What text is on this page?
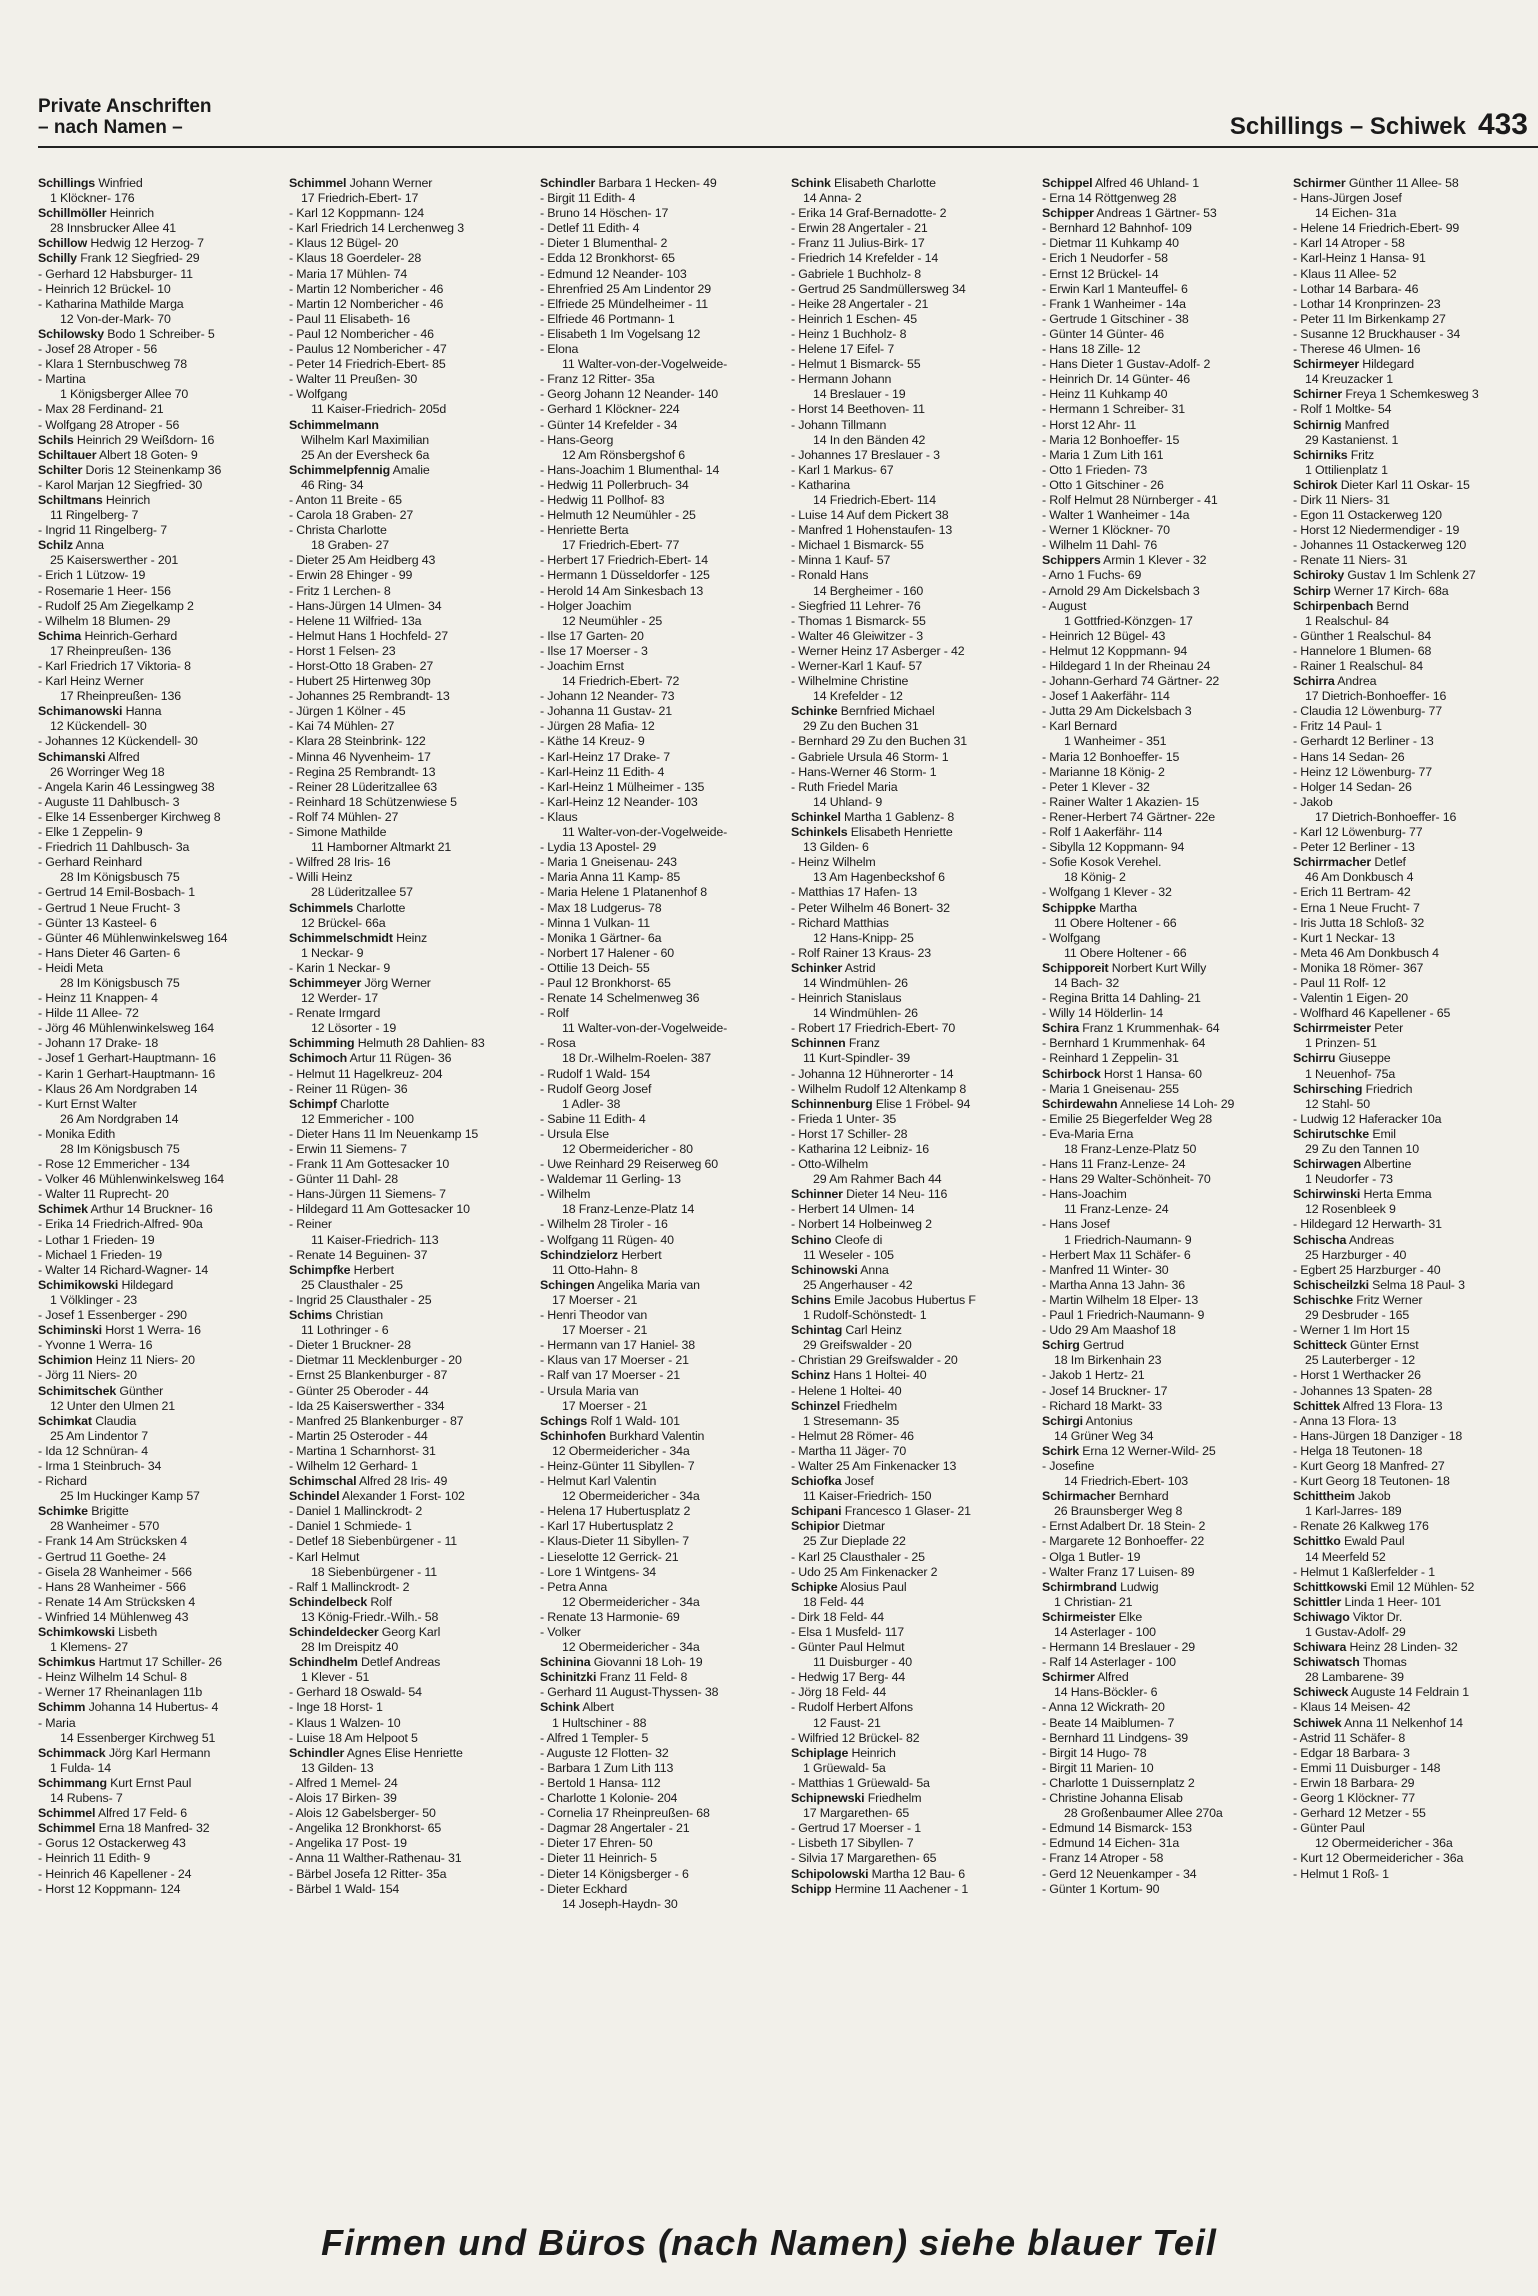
Private Anschriften
– nach Namen –	Schillings – Schiwek 433
Schillings Winfried
1 Klöckner- 176
Schillmöller Heinrich
28 Innsbrucker Allee 41
Schillow Hedwig 12 Herzog- 7
Schilly Frank 12 Siegfried- 29
- Gerhard 12 Habsburger- 11
- Heinrich 12 Brückel- 10
- Katharina Mathilde Marga
12 Von-der-Mark- 70
Schilowsky Bodo 1 Schreiber- 5
- Josef 28 Atroper - 56
- Klara 1 Sternbuschweg 78
- Martina
1 Königsberger Allee 70
- Max 28 Ferdinand- 21
- Wolfgang 28 Atroper - 56
Schils Heinrich 29 Weißdorn- 16
Schiltauer Albert 18 Goten- 9
Schilter Doris 12 Steinenkamp 36
- Karol Marjan 12 Siegfried- 30
Schiltmans Heinrich
11 Ringelberg- 7
- Ingrid 11 Ringelberg- 7
Schilz Anna
25 Kaiserswerther - 201
- Erich 1 Lützow- 19
- Rosemarie 1 Heer- 156
- Rudolf 25 Am Ziegelkamp 2
- Wilhelm 18 Blumen- 29
Schima Heinrich-Gerhard
17 Rheinpreußen- 136
- Karl Friedrich 17 Viktoria- 8
- Karl Heinz Werner
17 Rheinpreußen- 136
Schimanowski Hanna
12 Kückendell- 30
- Johannes 12 Kückendell- 30
Schimanski Alfred
26 Worringer Weg 18
- Angela Karin 46 Lessingweg 38
- Auguste 11 Dahlbusch- 3
- Elke 14 Essenberger Kirchweg 8
- Elke 1 Zeppelin- 9
- Friedrich 11 Dahlbusch- 3a
- Gerhard Reinhard
28 Im Königsbusch 75
- Gertrud 14 Emil-Bosbach- 1
- Gertrud 1 Neue Frucht- 3
- Günter 13 Kasteel- 6
- Günter 46 Mühlenwinkelsweg 164
- Hans Dieter 46 Garten- 6
- Heidi Meta
28 Im Königsbusch 75
- Heinz 11 Knappen- 4
- Hilde 11 Allee- 72
- Jörg 46 Mühlenwinkelsweg 164
- Johann 17 Drake- 18
- Josef 1 Gerhart-Hauptmann- 16
- Karin 1 Gerhart-Hauptmann- 16
- Klaus 26 Am Nordgraben 14
- Kurt Ernst Walter
26 Am Nordgraben 14
- Monika Edith
28 Im Königsbusch 75
- Rose 12 Emmericher - 134
- Volker 46 Mühlenwinkelsweg 164
- Walter 11 Ruprecht- 20
Schimek Arthur 14 Bruckner- 16
- Erika 14 Friedrich-Alfred- 90a
- Lothar 1 Frieden- 19
- Michael 1 Frieden- 19
- Walter 14 Richard-Wagner- 14
Schimikowski Hildegard
1 Völklinger - 23
- Josef 1 Essenberger - 290
Schiminski Horst 1 Werra- 16
- Yvonne 1 Werra- 16
Schimion Heinz 11 Niers- 20
- Jörg 11 Niers- 20
Schimitschek Günther
12 Unter den Ulmen 21
Schimkat Claudia
25 Am Lindentor 7
- Ida 12 Schnüran- 4
- Irma 1 Steinbruch- 34
- Richard
25 Im Huckinger Kamp 57
Schimke Brigitte
28 Wanheimer - 570
- Frank 14 Am Strücksken 4
- Gertrud 11 Goethe- 24
- Gisela 28 Wanheimer - 566
- Hans 28 Wanheimer - 566
- Renate 14 Am Strücksken 4
- Winfried 14 Mühlenweg 43
Schimkowski Lisbeth
1 Klemens- 27
Schimkus Hartmut 17 Schiller- 26
- Heinz Wilhelm 14 Schul- 8
- Werner 17 Rheinanlagen 11b
Schimm Johanna 14 Hubertus- 4
- Maria
14 Essenberger Kirchweg 51
Schimmack Jörg Karl Hermann
1 Fulda- 14
Schimmang Kurt Ernst Paul
14 Rubens- 7
Schimmel Alfred 17 Feld- 6
Schimmel Erna 18 Manfred- 32
- Gorus 12 Ostackerweg 43
- Heinrich 11 Edith- 9
- Heinrich 46 Kapellener - 24
- Horst 12 Koppmann- 124
Schimmel Johann Werner
17 Friedrich-Ebert- 17
- Karl 12 Koppmann- 124
- Karl Friedrich 14 Lerchenweg 3
- Klaus 12 Bügel- 20
- Klaus 18 Goerdeler- 28
- Maria 17 Mühlen- 74
- Martin 12 Nombericher - 46
- Martin 12 Nombericher - 46
- Paul 11 Elisabeth- 16
- Paul 12 Nombericher - 46
- Paulus 12 Nombericher - 47
- Peter 14 Friedrich-Ebert- 85
- Walter 11 Preußen- 30
- Wolfgang
11 Kaiser-Friedrich- 205d
Schimmelmann
Wilhelm Karl Maximilian
25 An der Eversheck 6a
Schimmelpfennig Amalie
46 Ring- 34
- Anton 11 Breite - 65
- Carola 18 Graben- 27
- Christa Charlotte
18 Graben- 27
- Dieter 25 Am Heidberg 43
- Erwin 28 Ehinger - 99
- Fritz 1 Lerchen- 8
- Hans-Jürgen 14 Ulmen- 34
- Helene 11 Wilfried- 13a
- Helmut Hans 1 Hochfeld- 27
- Horst 1 Felsen- 23
- Horst-Otto 18 Graben- 27
- Hubert 25 Hirtenweg 30p
- Johannes 25 Rembrandt- 13
- Jürgen 1 Kölner - 45
- Kai 74 Mühlen- 27
- Klara 28 Steinbrink- 122
- Minna 46 Nyvenheim- 17
- Regina 25 Rembrandt- 13
- Reiner 28 Lüderitzallee 63
- Reinhard 18 Schützenwiese 5
- Rolf 74 Mühlen- 27
- Simone Mathilde
11 Hamborner Altmarkt 21
- Wilfred 28 Iris- 16
- Willi Heinz
28 Lüderitzallee 57
Schimmels Charlotte
12 Brückel- 66a
Schimmelschmidt Heinz
1 Neckar- 9
- Karin 1 Neckar- 9
Schimmeyer Jörg Werner
12 Werder- 17
- Renate Irmgard
12 Lösorter - 19
Schimming Helmuth 28 Dahlien- 83
Schimoch Artur 11 Rügen- 36
- Helmut 11 Hagelkreuz- 204
- Reiner 11 Rügen- 36
Schimpf Charlotte
12 Emmericher - 100
- Dieter Hans 11 Im Neuenkamp 15
- Erwin 11 Siemens- 7
- Frank 11 Am Gottesacker 10
- Günter 11 Dahl- 28
- Hans-Jürgen 11 Siemens- 7
- Hildegard 11 Am Gottesacker 10
- Reiner
11 Kaiser-Friedrich- 113
- Renate 14 Beguinen- 37
Schimpfke Herbert
25 Clausthaler - 25
- Ingrid 25 Clausthaler - 25
Schims Christian
11 Lothringer - 6
- Dieter 1 Bruckner- 28
- Dietmar 11 Mecklenburger - 20
- Ernst 25 Blankenburger - 87
- Günter 25 Oberoder - 44
- Ida 25 Kaiserswerther - 334
- Manfred 25 Blankenburger - 87
- Martin 25 Osteroder - 44
- Martina 1 Scharnhorst- 31
- Wilhelm 12 Gerhard- 1
Schimschal Alfred 28 Iris- 49
Schindel Alexander 1 Forst- 102
- Daniel 1 Mallinckrodt- 2
- Daniel 1 Schmiede- 1
- Detlef 18 Siebenbürgener - 11
- Karl Helmut
18 Siebenbürgener - 11
- Ralf 1 Mallinckrodt- 2
Schindelbeck Rolf
13 König-Friedr.-Wilh.- 58
Schindeldecker Georg Karl
28 Im Dreispitz 40
Schindhelm Detlef Andreas
1 Klever - 51
- Gerhard 18 Oswald- 54
- Inge 18 Horst- 1
- Klaus 1 Walzen- 10
- Luise 18 Am Helpoot 5
Schindler Agnes Elise Henriette
13 Gilden- 13
- Alfred 1 Memel- 24
- Alois 17 Birken- 39
- Alois 12 Gabelsberger- 50
- Angelika 12 Bronkhorst- 65
- Angelika 17 Post- 19
- Anna 11 Walther-Rathenau- 31
- Bärbel Josefa 12 Ritter- 35a
- Bärbel 1 Wald- 154
Schindler Barbara 1 Hecken- 49
- Birgit 11 Edith- 4
- Bruno 14 Höschen- 17
- Detlef 11 Edith- 4
- Dieter 1 Blumenthal- 2
- Edda 12 Bronkhorst- 65
- Edmund 12 Neander- 103
- Ehrenfried 25 Am Lindentor 29
- Elfriede 25 Mündelheimer - 11
- Elfriede 46 Portmann- 1
- Elisabeth 1 Im Vogelsang 12
- Elona
11 Walter-von-der-Vogelweide-
- Franz 12 Ritter- 35a
- Georg Johann 12 Neander- 140
- Gerhard 1 Klöckner- 224
- Günter 14 Krefelder - 34
- Hans-Georg
12 Am Rönsbergshof 6
- Hans-Joachim 1 Blumenthal- 14
- Hedwig 11 Pollerbruch- 34
- Hedwig 11 Pollhof- 83
- Helmuth 12 Neumühler - 25
- Henriette Berta
17 Friedrich-Ebert- 77
- Herbert 17 Friedrich-Ebert- 14
- Hermann 1 Düsseldorfer - 125
- Herold 14 Am Sinkesbach 13
- Holger Joachim
12 Neumühler - 25
- Ilse 17 Garten- 20
- Ilse 17 Moerser - 3
- Joachim Ernst
14 Friedrich-Ebert- 72
- Johann 12 Neander- 73
- Johanna 11 Gustav- 21
- Jürgen 28 Mafia- 12
- Käthe 14 Kreuz- 9
- Karl-Heinz 17 Drake- 7
- Karl-Heinz 11 Edith- 4
- Karl-Heinz 1 Mülheimer - 135
- Karl-Heinz 12 Neander- 103
- Klaus
11 Walter-von-der-Vogelweide-
- Lydia 13 Apostel- 29
- Maria 1 Gneisenau- 243
- Maria Anna 11 Kamp- 85
- Maria Helene 1 Platanenhof 8
- Max 18 Ludgerus- 78
- Minna 1 Vulkan- 11
- Monika 1 Gärtner- 6a
- Norbert 17 Halener - 60
- Ottilie 13 Deich- 55
- Paul 12 Bronkhorst- 65
- Renate 14 Schelmenweg 36
- Rolf
11 Walter-von-der-Vogelweide-
- Rosa
18 Dr.-Wilhelm-Roelen- 387
- Rudolf 1 Wald- 154
- Rudolf Georg Josef
1 Adler- 38
- Sabine 11 Edith- 4
- Ursula Else
12 Obermeidericher - 80
- Uwe Reinhard 29 Reiserweg 60
- Waldemar 11 Gerling- 13
- Wilhelm
18 Franz-Lenze-Platz 14
- Wilhelm 28 Tiroler - 16
- Wolfgang 11 Rügen- 40
Schindzielorz Herbert
11 Otto-Hahn- 8
Schingen Angelika Maria van
17 Moerser - 21
- Henri Theodor van
17 Moerser - 21
- Hermann van 17 Haniel- 38
- Klaus van 17 Moerser - 21
- Ralf van 17 Moerser - 21
- Ursula Maria van
17 Moerser - 21
Schings Rolf 1 Wald- 101
Schinhofen Burkhard Valentin
12 Obermeidericher - 34a
- Heinz-Günter 11 Sibyllen- 7
- Helmut Karl Valentin
12 Obermeidericher - 34a
- Helena 17 Hubertusplatz 2
- Karl 17 Hubertusplatz 2
- Klaus-Dieter 11 Sibyllen- 7
- Lieselotte 12 Gerrick- 21
- Lore 1 Wintgens- 34
- Petra Anna
12 Obermeidericher - 34a
- Renate 13 Harmonie- 69
- Volker
12 Obermeidericher - 34a
Schinina Giovanni 18 Loh- 19
Schinitzki Franz 11 Feld- 8
- Gerhard 11 August-Thyssen- 38
Schink Albert
1 Hultschiner - 88
- Alfred 1 Templer- 5
- Auguste 12 Flotten- 32
- Barbara 1 Zum Lith 113
- Bertold 1 Hansa- 112
- Charlotte 1 Kolonie- 204
- Cornelia 17 Rheinpreußen- 68
- Dagmar 28 Angertaler - 21
- Dieter 17 Ehren- 50
- Dieter 11 Heinrich- 5
- Dieter 14 Königsberger - 6
- Dieter Eckhard
14 Joseph-Haydn- 30
Schink Elisabeth Charlotte
14 Anna- 2
- Erika 14 Graf-Bernadotte- 2
- Erwin 28 Angertaler - 21
- Franz 11 Julius-Birk- 17
- Friedrich 14 Krefelder - 14
- Gabriele 1 Buchholz- 8
- Gertrud 25 Sandmüllersweg 34
- Heike 28 Angertaler - 21
- Heinrich 1 Eschen- 45
- Heinz 1 Buchholz- 8
- Helene 17 Eifel- 7
- Helmut 1 Bismarck- 55
- Hermann Johann
14 Breslauer - 19
- Horst 14 Beethoven- 11
- Johann Tillmann
14 In den Bänden 42
- Johannes 17 Breslauer - 3
- Karl 1 Markus- 67
- Katharina
14 Friedrich-Ebert- 114
- Luise 14 Auf dem Pickert 38
- Manfred 1 Hohenstaufen- 13
- Michael 1 Bismarck- 55
- Minna 1 Kauf- 57
- Ronald Hans
14 Bergheimer - 160
- Siegfried 11 Lehrer- 76
- Thomas 1 Bismarck- 55
- Walter 46 Gleiwitzer - 3
- Werner Heinz 17 Asberger - 42
- Werner-Karl 1 Kauf- 57
- Wilhelmine Christine
14 Krefelder - 12
Schinke Bernfried Michael
29 Zu den Buchen 31
- Bernhard 29 Zu den Buchen 31
- Gabriele Ursula 46 Storm- 1
- Hans-Werner 46 Storm- 1
- Ruth Friedel Maria
14 Uhland- 9
Schinkel Martha 1 Gablenz- 8
Schinkels Elisabeth Henriette
13 Gilden- 6
- Heinz Wilhelm
13 Am Hagenbeckshof 6
- Matthias 17 Hafen- 13
- Peter Wilhelm 46 Bonert- 32
- Richard Matthias
12 Hans-Knipp- 25
- Rolf Rainer 13 Kraus- 23
Schinker Astrid
14 Windmühlen- 26
- Heinrich Stanislaus
14 Windmühlen- 26
- Robert 17 Friedrich-Ebert- 70
Schinnen Franz
11 Kurt-Spindler- 39
- Johanna 12 Hühnerorter - 14
- Wilhelm Rudolf 12 Altenkamp 8
Schinnenburg Elise 1 Fröbel- 94
- Frieda 1 Unter- 35
- Horst 17 Schiller- 28
- Katharina 12 Leibniz- 16
- Otto-Wilhelm
29 Am Rahmer Bach 44
Schinner Dieter 14 Neu- 116
- Herbert 14 Ulmen- 14
- Norbert 14 Holbeinweg 2
Schino Cleofe di
11 Weseler - 105
Schinowski Anna
25 Angerhauser - 42
Schins Emile Jacobus Hubertus F
1 Rudolf-Schönstedt- 1
Schintag Carl Heinz
29 Greifswalder - 20
- Christian 29 Greifswalder - 20
Schinz Hans 1 Holtei- 40
- Helene 1 Holtei- 40
Schinzel Friedhelm
1 Stresemann- 35
- Helmut 28 Römer- 46
- Martha 11 Jäger- 70
- Walter 25 Am Finkenacker 13
Schiofka Josef
11 Kaiser-Friedrich- 150
Schipani Francesco 1 Glaser- 21
Schipior Dietmar
25 Zur Dieplade 22
- Karl 25 Clausthaler - 25
- Udo 25 Am Finkenacker 2
Schipke Alosius Paul
18 Feld- 44
- Dirk 18 Feld- 44
- Elsa 1 Musfeld- 117
- Günter Paul Helmut
11 Duisburger - 40
- Hedwig 17 Berg- 44
- Jörg 18 Feld- 44
- Rudolf Herbert Alfons
12 Faust- 21
- Wilfried 12 Brückel- 82
Schiplage Heinrich
1 Grüewald- 5a
- Matthias 1 Grüewald- 5a
Schipnewski Friedhelm
17 Margarethen- 65
- Gertrud 17 Moerser - 1
- Lisbeth 17 Sibyllen- 7
- Silvia 17 Margarethen- 65
Schipolowski Martha 12 Bau- 6
Schipp Hermine 11 Aachener - 1
Schippel Alfred 46 Uhland- 1
- Erna 14 Röttgenweg 28
Schipper Andreas 1 Gärtner- 53
- Bernhard 12 Bahnhof- 109
- Dietmar 11 Kuhkamp 40
- Erich 1 Neudorfer - 58
- Ernst 12 Brückel- 14
- Erwin Karl 1 Manteuffel- 6
- Frank 1 Wanheimer - 14a
- Gertrude 1 Gitschiner - 38
- Günter 14 Günter- 46
- Hans 18 Zille- 12
- Hans Dieter 1 Gustav-Adolf- 2
- Heinrich Dr. 14 Günter- 46
- Heinz 11 Kuhkamp 40
- Hermann 1 Schreiber- 31
- Horst 12 Ahr- 11
- Maria 12 Bonhoeffer- 15
- Maria 1 Zum Lith 161
- Otto 1 Frieden- 73
- Otto 1 Gitschiner - 26
- Rolf Helmut 28 Nürnberger - 41
- Walter 1 Wanheimer - 14a
- Werner 1 Klöckner- 70
- Wilhelm 11 Dahl- 76
Schippers Armin 1 Klever - 32
- Arno 1 Fuchs- 69
- Arnold 29 Am Dickelsbach 3
- August
1 Gottfried-Könzgen- 17
- Heinrich 12 Bügel- 43
- Helmut 12 Koppmann- 94
- Hildegard 1 In der Rheinau 24
- Johann-Gerhard 74 Gärtner- 22
- Josef 1 Aakerfähr- 114
- Jutta 29 Am Dickelsbach 3
- Karl Bernard
1 Wanheimer - 351
- Maria 12 Bonhoeffer- 15
- Marianne 18 König- 2
- Peter 1 Klever - 32
- Rainer Walter 1 Akazien- 15
- Rener-Herbert 74 Gärtner- 22e
- Rolf 1 Aakerfähr- 114
- Sibylla 12 Koppmann- 94
- Sofie Kosok Verehel.
18 König- 2
- Wolfgang 1 Klever - 32
Schippke Martha
11 Obere Holtener - 66
- Wolfgang
11 Obere Holtener - 66
Schipporeit Norbert Kurt Willy
14 Bach- 32
- Regina Britta 14 Dahling- 21
- Willy 14 Hölderlin- 14
Schira Franz 1 Krummenhak- 64
- Bernhard 1 Krummenhak- 64
- Reinhard 1 Zeppelin- 31
Schirbock Horst 1 Hansa- 60
- Maria 1 Gneisenau- 255
Schirdewahn Anneliese 14 Loh- 29
- Emilie 25 Biegerfelder Weg 28
- Eva-Maria Erna
18 Franz-Lenze-Platz 50
- Hans 11 Franz-Lenze- 24
- Hans 29 Walter-Schönheit- 70
- Hans-Joachim
11 Franz-Lenze- 24
- Hans Josef
1 Friedrich-Naumann- 9
- Herbert Max 11 Schäfer- 6
- Manfred 11 Winter- 30
- Martha Anna 13 Jahn- 36
- Martin Wilhelm 18 Elper- 13
- Paul 1 Friedrich-Naumann- 9
- Udo 29 Am Maashof 18
Schirg Gertrud
18 Im Birkenhain 23
- Jakob 1 Hertz- 21
- Josef 14 Bruckner- 17
- Richard 18 Markt- 33
Schirgi Antonius
14 Grüner Weg 34
Schirk Erna 12 Werner-Wild- 25
- Josefine
14 Friedrich-Ebert- 103
Schirmacher Bernhard
26 Braunsberger Weg 8
- Ernst Adalbert Dr. 18 Stein- 2
- Margarete 12 Bonhoeffer- 22
- Olga 1 Butler- 19
- Walter Franz 17 Luisen- 89
Schirmbrand Ludwig
1 Christian- 21
Schirmeister Elke
14 Asterlager - 100
- Hermann 14 Breslauer - 29
- Ralf 14 Asterlager - 100
Schirmer Alfred
14 Hans-Böckler- 6
- Anna 12 Wickrath- 20
- Beate 14 Maiblumen- 7
- Bernhard 11 Lindgens- 39
- Birgit 14 Hugo- 78
- Birgit 11 Marien- 10
- Charlotte 1 Duissernplatz 2
- Christine Johanna Elisab
28 Großenbaumer Allee 270a
- Edmund 14 Bismarck- 153
- Edmund 14 Eichen- 31a
- Franz 14 Atroper - 58
- Gerd 12 Neuenkamper - 34
- Günter 1 Kortum- 90
Schirmer Günther 11 Allee- 58
- Hans-Jürgen Josef
14 Eichen- 31a
- Helene 14 Friedrich-Ebert- 99
- Karl 14 Atroper - 58
- Karl-Heinz 1 Hansa- 91
- Klaus 11 Allee- 52
- Lothar 14 Barbara- 46
- Lothar 14 Kronprinzen- 23
- Peter 11 Im Birkenkamp 27
- Susanne 12 Bruckhauser - 34
- Therese 46 Ulmen- 16
Schirmeyer Hildegard
14 Kreuzacker 1
Schirner Freya 1 Schemkesweg 3
- Rolf 1 Moltke- 54
Schirnig Manfred
29 Kastanienst. 1
Schirniks Fritz
1 Ottilienplatz 1
Schirok Dieter Karl 11 Oskar- 15
- Dirk 11 Niers- 31
- Egon 11 Ostackerweg 120
- Horst 12 Niedermendiger - 19
- Johannes 11 Ostackerweg 120
- Renate 11 Niers- 31
Schiroky Gustav 1 Im Schlenk 27
Schirp Werner 17 Kirch- 68a
Schirpenbach Bernd
1 Realschul- 84
- Günther 1 Realschul- 84
- Hannelore 1 Blumen- 68
- Rainer 1 Realschul- 84
Schirra Andrea
17 Dietrich-Bonhoeffer- 16
- Claudia 12 Löwenburg- 77
- Fritz 14 Paul- 1
- Gerhardt 12 Berliner - 13
- Hans 14 Sedan- 26
- Heinz 12 Löwenburg- 77
- Holger 14 Sedan- 26
- Jakob
17 Dietrich-Bonhoeffer- 16
- Karl 12 Löwenburg- 77
- Peter 12 Berliner - 13
Schirrmacher Detlef
46 Am Donkbusch 4
- Erich 11 Bertram- 42
- Erna 1 Neue Frucht- 7
- Iris Jutta 18 Schloß- 32
- Kurt 1 Neckar- 13
- Meta 46 Am Donkbusch 4
- Monika 18 Römer- 367
- Paul 11 Rolf- 12
- Valentin 1 Eigen- 20
- Wolfhard 46 Kapellener - 65
Schirrmeister Peter
1 Prinzen- 51
Schirru Giuseppe
1 Neuenhof- 75a
Schirsching Friedrich
12 Stahl- 50
- Ludwig 12 Haferacker 10a
Schirutschke Emil
29 Zu den Tannen 10
Schirwagen Albertine
1 Neudorfer - 73
Schirwinski Herta Emma
12 Rosenbleek 9
- Hildegard 12 Herwarth- 31
Schischa Andreas
25 Harzburger - 40
- Egbert 25 Harzburger - 40
Schischeilzki Selma 18 Paul- 3
Schischke Fritz Werner
29 Desbruder - 165
- Werner 1 Im Hort 15
Schitteck Günter Ernst
25 Lauterberger - 12
- Horst 1 Werthacker 26
- Johannes 13 Spaten- 28
Schittek Alfred 13 Flora- 13
- Anna 13 Flora- 13
- Hans-Jürgen 18 Danziger - 18
- Helga 18 Teutonen- 18
- Kurt Georg 18 Manfred- 27
- Kurt Georg 18 Teutonen- 18
Schittheim Jakob
1 Karl-Jarres- 189
- Renate 26 Kalkweg 176
Schittko Ewald Paul
14 Meerfeld 52
- Helmut 1 Kaßlerfelder - 1
Schittkowski Emil 12 Mühlen- 52
Schittler Linda 1 Heer- 101
Schiwago Viktor Dr.
1 Gustav-Adolf- 29
Schiwara Heinz 28 Linden- 32
Schiwatsch Thomas
28 Lambarene- 39
Schiweck Auguste 14 Feldrain 1
- Klaus 14 Meisen- 42
Schiwek Anna 11 Nelkenhof 14
- Astrid 11 Schäfer- 8
- Edgar 18 Barbara- 3
- Emmi 11 Duisburger - 148
- Erwin 18 Barbara- 29
- Georg 1 Klöckner- 77
- Gerhard 12 Metzer - 55
- Günter Paul
12 Obermeidericher - 36a
- Kurt 12 Obermeidericher - 36a
- Helmut 1 Roß- 1
Firmen und Büros (nach Namen) siehe blauer Teil
